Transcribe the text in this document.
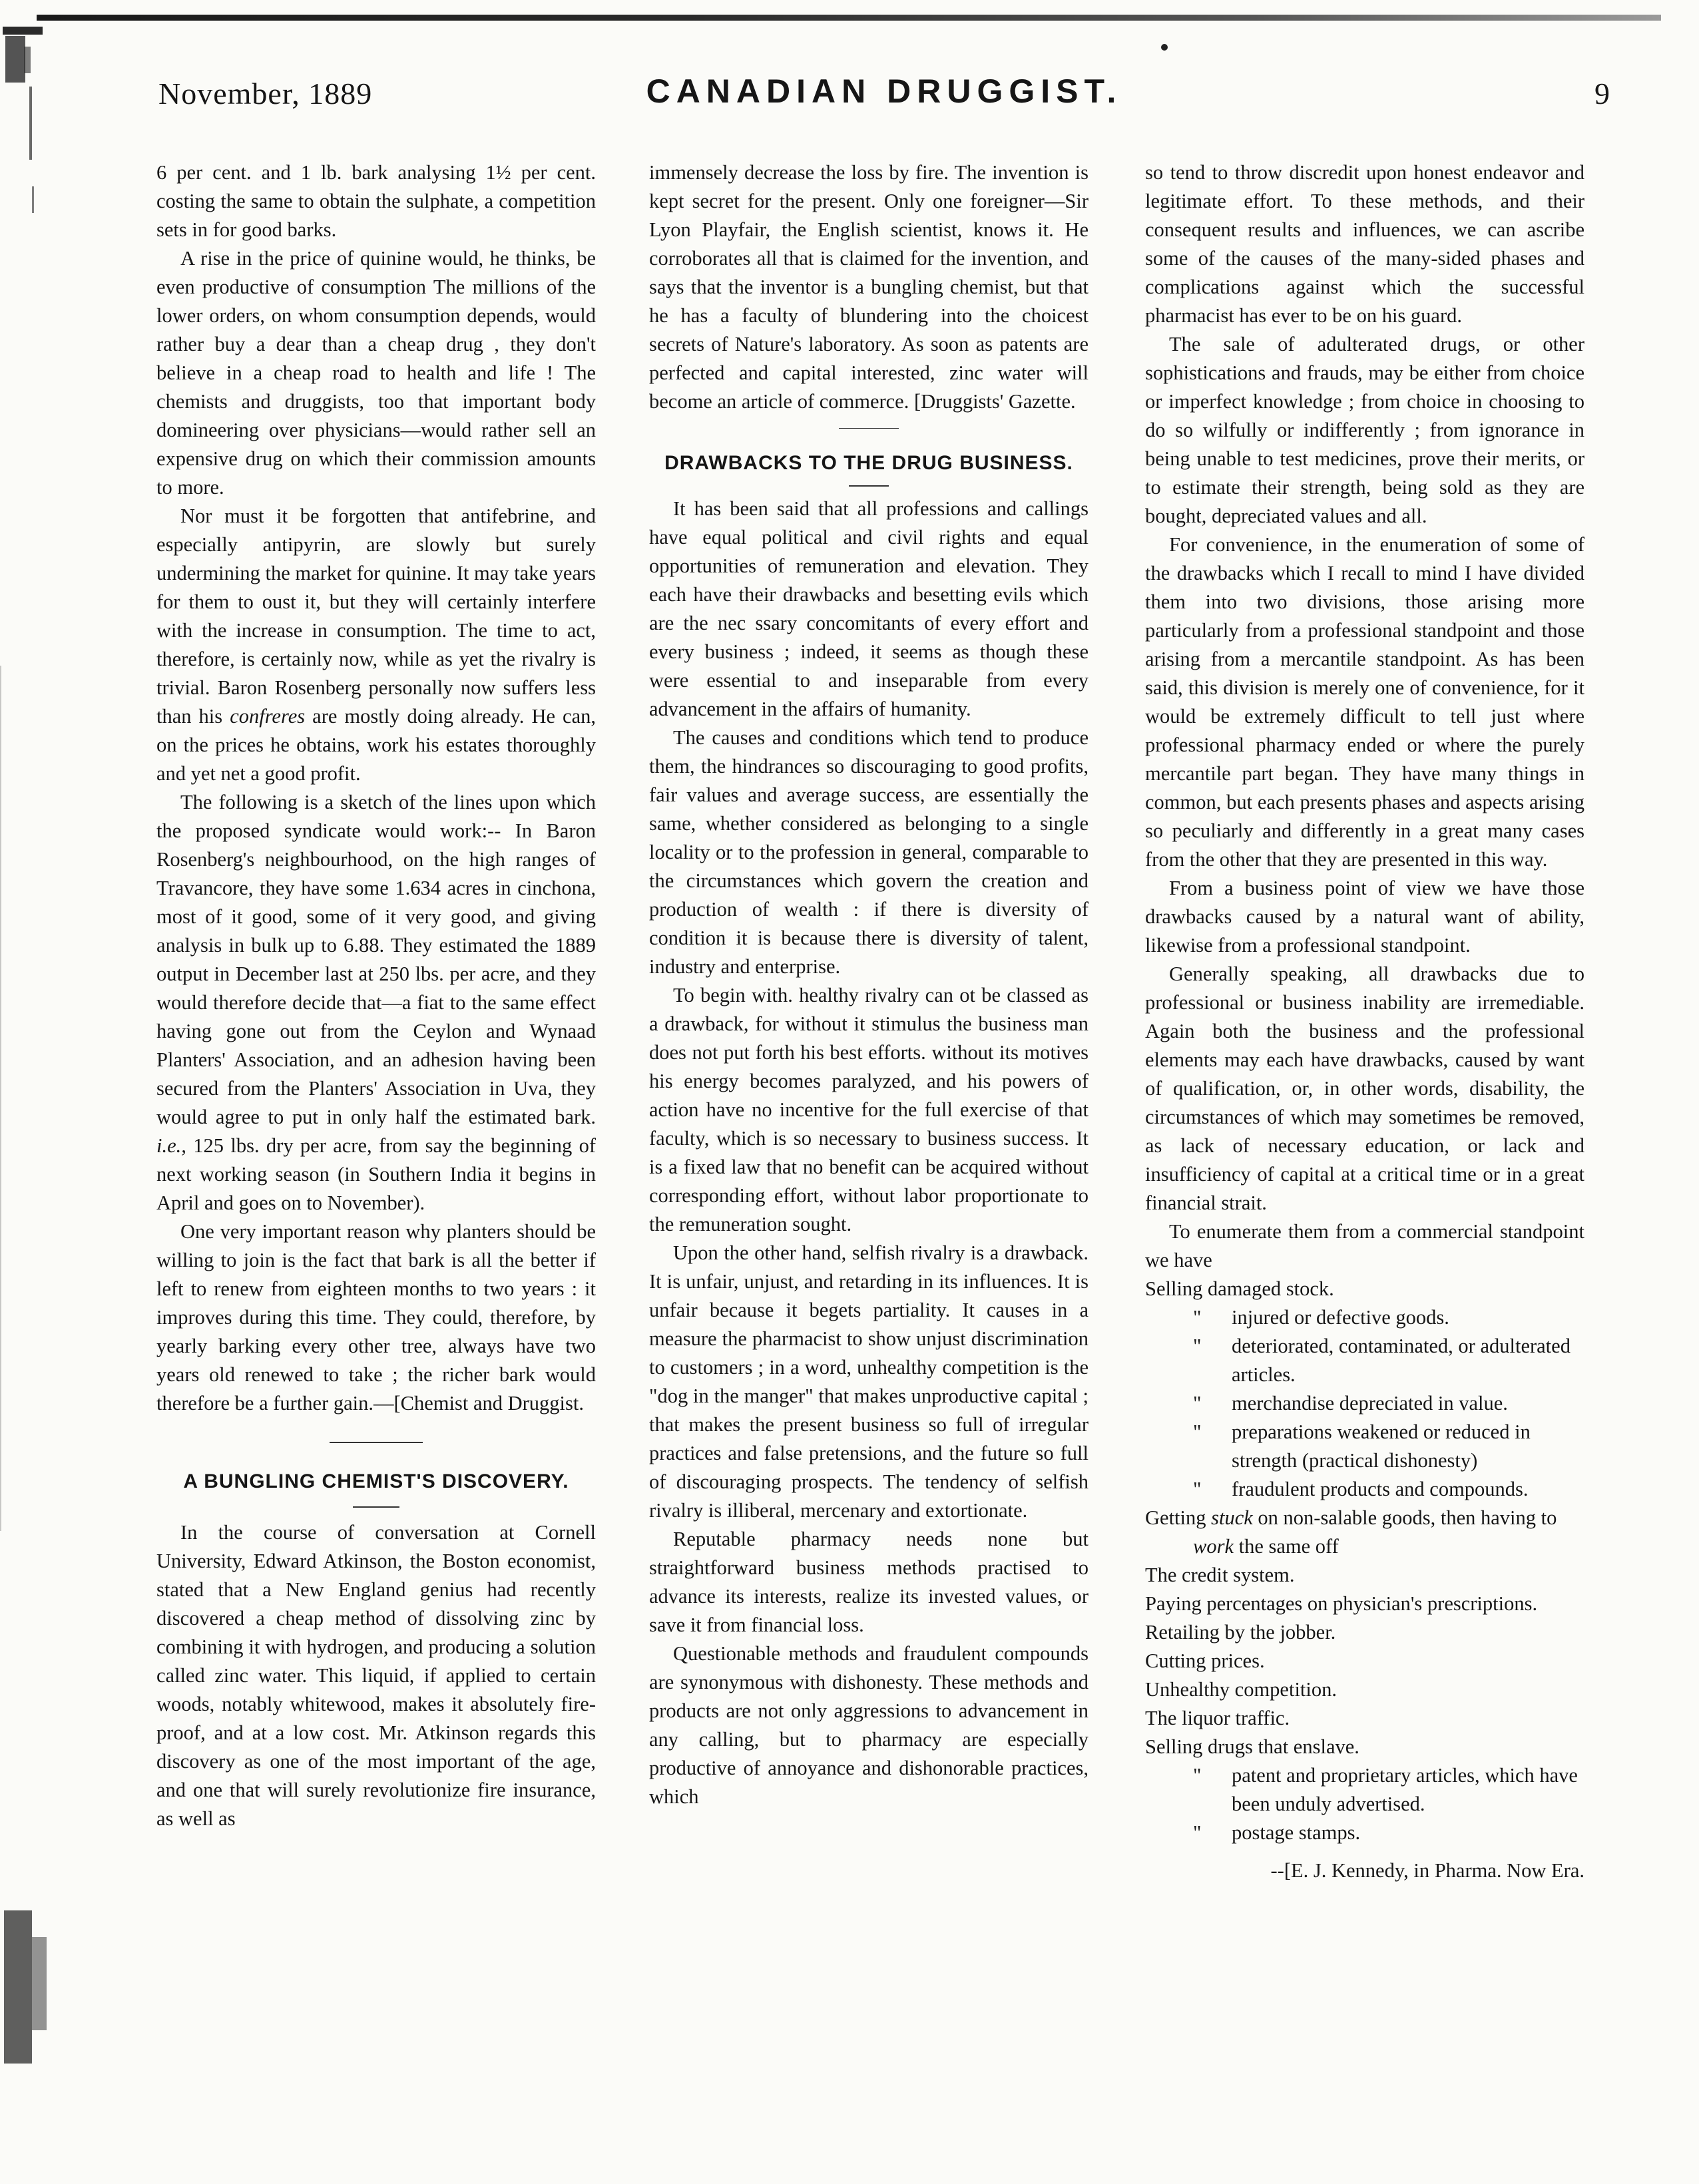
November, 1889	CANADIAN DRUGGIST.	9

6 per cent. and 1 lb. bark analysing 1½ per cent. costing the same to obtain the sulphate, a competition sets in for good barks.

A rise in the price of quinine would, he thinks, be even productive of consumption The millions of the lower orders, on whom consumption depends, would rather buy a dear than a cheap drug , they don't believe in a cheap road to health and life ! The chemists and druggists, too that important body domineering over physicians—would rather sell an expensive drug on which their commission amounts to more.

Nor must it be forgotten that antifebrine, and especially antipyrin, are slowly but surely undermining the market for quinine. It may take years for them to oust it, but they will certainly interfere with the increase in consumption. The time to act, therefore, is certainly now, while as yet the rivalry is trivial. Baron Rosenberg personally now suffers less than his confreres are mostly doing already. He can, on the prices he obtains, work his estates thoroughly and yet net a good profit.

The following is a sketch of the lines upon which the proposed syndicate would work:-- In Baron Rosenberg's neighbourhood, on the high ranges of Travancore, they have some 1.634 acres in cinchona, most of it good, some of it very good, and giving analysis in bulk up to 6.88. They estimated the 1889 output in December last at 250 lbs. per acre, and they would therefore decide that—a fiat to the same effect having gone out from the Ceylon and Wynaad Planters' Association, and an adhesion having been secured from the Planters' Association in Uva, they would agree to put in only half the estimated bark. i.e., 125 lbs. dry per acre, from say the beginning of next working season (in Southern India it begins in April and goes on to November).

One very important reason why planters should be willing to join is the fact that bark is all the better if left to renew from eighteen months to two years : it improves during this time. They could, therefore, by yearly barking every other tree, always have two years old renewed to take ; the richer bark would therefore be a further gain.—[Chemist and Druggist.

A BUNGLING CHEMIST'S DISCOVERY.

In the course of conversation at Cornell University, Edward Atkinson, the Boston economist, stated that a New England genius had recently discovered a cheap method of dissolving zinc by combining it with hydrogen, and producing a solution called zinc water. This liquid, if applied to certain woods, notably whitewood, makes it absolutely fire-proof, and at a low cost. Mr. Atkinson regards this discovery as one of the most important of the age, and one that will surely revolutionize fire insurance, as well as

immensely decrease the loss by fire. The invention is kept secret for the present. Only one foreigner—Sir Lyon Playfair, the English scientist, knows it. He corroborates all that is claimed for the invention, and says that the inventor is a bungling chemist, but that he has a faculty of blundering into the choicest secrets of Nature's laboratory. As soon as patents are perfected and capital interested, zinc water will become an article of commerce. [Druggists' Gazette.

DRAWBACKS TO THE DRUG BUSINESS.

It has been said that all professions and callings have equal political and civil rights and equal opportunities of remuneration and elevation. They each have their drawbacks and besetting evils which are the nec ssary concomitants of every effort and every business ; indeed, it seems as though these were essential to and inseparable from every advancement in the affairs of humanity.

The causes and conditions which tend to produce them, the hindrances so discouraging to good profits, fair values and average success, are essentially the same, whether considered as belonging to a single locality or to the profession in general, comparable to the circumstances which govern the creation and production of wealth : if there is diversity of condition it is because there is diversity of talent, industry and enterprise.

To begin with. healthy rivalry can ot be classed as a drawback, for without it stimulus the business man does not put forth his best efforts. without its motives his energy becomes paralyzed, and his powers of action have no incentive for the full exercise of that faculty, which is so necessary to business success. It is a fixed law that no benefit can be acquired without corresponding effort, without labor proportionate to the remuneration sought.

Upon the other hand, selfish rivalry is a drawback. It is unfair, unjust, and retarding in its influences. It is unfair because it begets partiality. It causes in a measure the pharmacist to show unjust discrimination to customers ; in a word, unhealthy competition is the "dog in the manger" that makes unproductive capital ; that makes the present business so full of irregular practices and false pretensions, and the future so full of discouraging prospects. The tendency of selfish rivalry is illiberal, mercenary and extortionate.

Reputable pharmacy needs none but straightforward business methods practised to advance its interests, realize its invested values, or save it from financial loss.

Questionable methods and fraudulent compounds are synonymous with dishonesty. These methods and products are not only aggressions to advancement in any calling, but to pharmacy are especially productive of annoyance and dishonorable practices, which

so tend to throw discredit upon honest endeavor and legitimate effort. To these methods, and their consequent results and influences, we can ascribe some of the causes of the many-sided phases and complications against which the successful pharmacist has ever to be on his guard.

The sale of adulterated drugs, or other sophistications and frauds, may be either from choice or imperfect knowledge ; from choice in choosing to do so wilfully or indifferently ; from ignorance in being unable to test medicines, prove their merits, or to estimate their strength, being sold as they are bought, depreciated values and all.

For convenience, in the enumeration of some of the drawbacks which I recall to mind I have divided them into two divisions, those arising more particularly from a professional standpoint and those arising from a mercantile standpoint. As has been said, this division is merely one of convenience, for it would be extremely difficult to tell just where professional pharmacy ended or where the purely mercantile part began. They have many things in common, but each presents phases and aspects arising so peculiarly and differently in a great many cases from the other that they are presented in this way.

From a business point of view we have those drawbacks caused by a natural want of ability, likewise from a professional standpoint.

Generally speaking, all drawbacks due to professional or business inability are irremediable. Again both the business and the professional elements may each have drawbacks, caused by want of qualification, or, in other words, disability, the circumstances of which may sometimes be removed, as lack of necessary education, or lack and insufficiency of capital at a critical time or in a great financial strait.

To enumerate them from a commercial standpoint we have

Selling damaged stock.
" injured or defective goods.
" deteriorated, contaminated, or adulterated articles.
" merchandise depreciated in value.
" preparations weakened or reduced in strength (practical dishonesty)
" fraudulent products and compounds.
Getting stuck on non-salable goods, then having to work the same off
The credit system.
Paying percentages on physician's prescriptions.
Retailing by the jobber.
Cutting prices.
Unhealthy competition.
The liquor traffic.
Selling drugs that enslave.
" patent and proprietary articles, which have been unduly advertised.
" postage stamps.

--[E. J. Kennedy, in Pharma. Now Era.
